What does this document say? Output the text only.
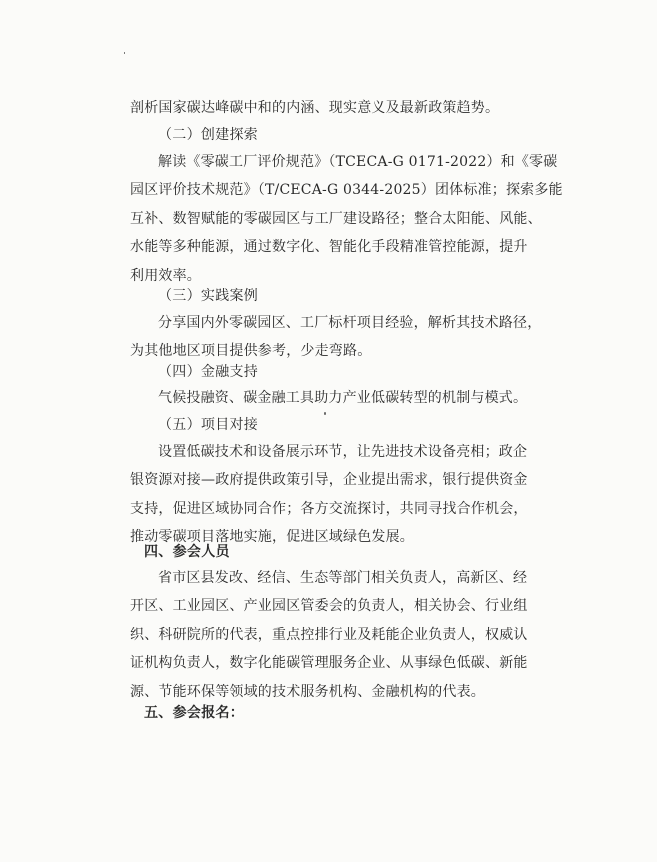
剖析国家碳达峰碳中和的内涵、现实意义及最新政策趋势。
（二）创建探索
解读《零碳工厂评价规范》（TCECA-G 0171-2022）和《零碳
园区评价技术规范》（T/CECA-G 0344-2025）团体标准；探索多能
互补、数智赋能的零碳园区与工厂建设路径；整合太阳能、风能、
水能等多种能源，通过数字化、智能化手段精准管控能源，提升
利用效率。
（三）实践案例
分享国内外零碳园区、工厂标杆项目经验，解析其技术路径，
为其他地区项目提供参考，少走弯路。
（四）金融支持
气候投融资、碳金融工具助力产业低碳转型的机制与模式。
（五）项目对接
设置低碳技术和设备展示环节，让先进技术设备亮相；政企
银资源对接—政府提供政策引导，企业提出需求，银行提供资金
支持，促进区域协同合作；各方交流探讨，共同寻找合作机会，
推动零碳项目落地实施，促进区域绿色发展。
四、参会人员
省市区县发改、经信、生态等部门相关负责人，高新区、经
开区、工业园区、产业园区管委会的负责人，相关协会、行业组
织、科研院所的代表，重点控排行业及耗能企业负责人，权威认
证机构负责人，数字化能碳管理服务企业、从事绿色低碳、新能
源、节能环保等领域的技术服务机构、金融机构的代表。
五、参会报名：
